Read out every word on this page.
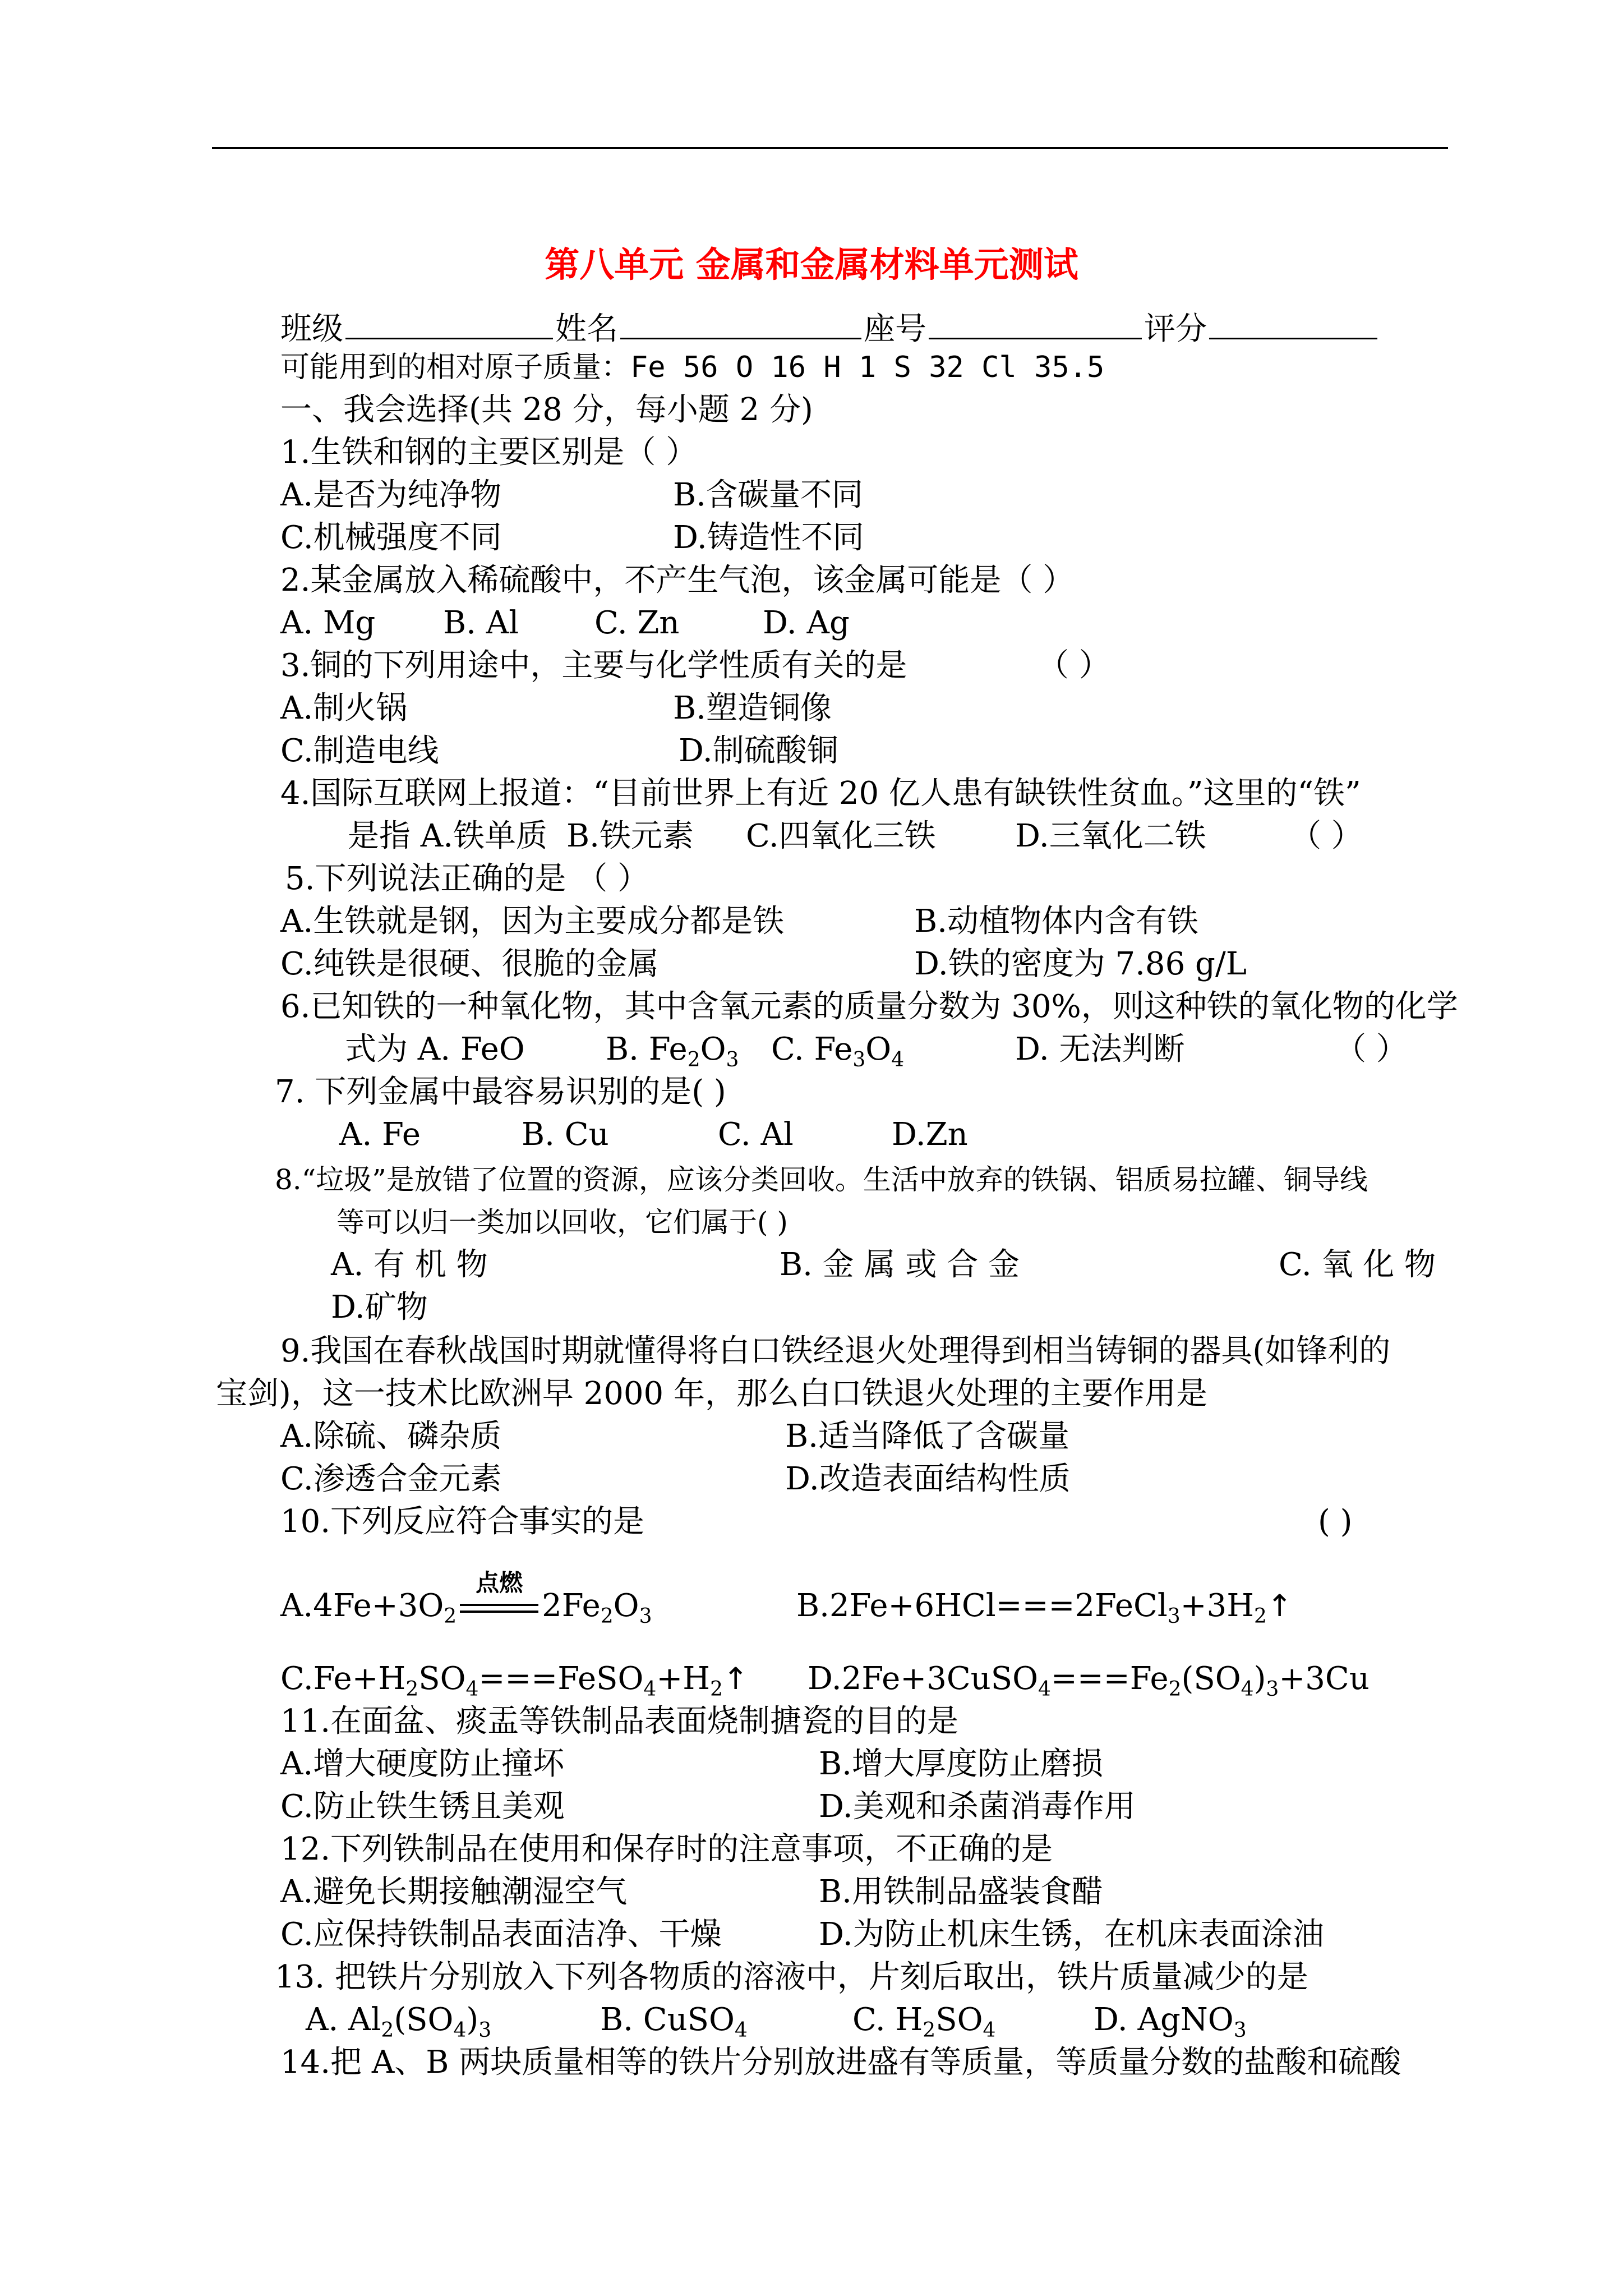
第八单元 金属和金属材料单元测试
班级	姓名	座号	评分
可能用到的相对原子质量：Fe 56 O 16 H 1 S 32 Cl 35.5
一、我会选择(共 28 分，每小题 2 分)
1.生铁和钢的主要区别是（ ）
A.是否为纯净物	B.含碳量不同
C.机械强度不同	D.铸造性不同
2.某金属放入稀硫酸中，不产生气泡，该金属可能是（ ）
A. Mg B. Al C. Zn	D. Ag
3.铜的下列用途中，主要与化学性质有关的是	（ ）
A.制火锅	B.塑造铜像
C.制造电线	D.制硫酸铜
4.国际互联网上报道：“目前世界上有近 20 亿人患有缺铁性贫血。”这里的“铁”
是指 A.铁单质 B.铁元素 C.四氧化三铁	D.三氧化二铁	（ ）
5.下列说法正确的是 （ ）
A.生铁就是钢，因为主要成分都是铁	B.动植物体内含有铁
C.纯铁是很硬、很脆的金属	D.铁的密度为 7.86 g/L
6.已知铁的一种氧化物，其中含氧元素的质量分数为 30%，则这种铁的氧化物的化学
式为 A. FeO	B. $Fe_2O_3$ C. $Fe_3O_4$	D. 无法判断	（ ）
7. 下列金属中最容易识别的是( )
A. Fe	B. Cu	C. Al	D.Zn
8.“垃圾”是放错了位置的资源，应该分类回收。生活中放弃的铁锅、铝质易拉罐、铜导线
等可以归一类加以回收，它们属于( )
A. 有 机 物	B. 金 属 或 合 金	C. 氧 化 物
D.矿物
9.我国在春秋战国时期就懂得将白口铁经退火处理得到相当铸铜的器具(如锋利的
宝剑)，这一技术比欧洲早 2000 年，那么白口铁退火处理的主要作用是
A.除硫、磷杂质	B.适当降低了含碳量
C.渗透合金元素	D.改造表面结构性质
10.下列反应符合事实的是	( )
$A.4Fe+3O_2$
点燃
$2Fe_2O_3$	$B.2Fe+6HCl===2FeCl_3+3H_2↑$
$C.Fe+H_2SO_4===FeSO_4+H_2↑$ $D.2Fe+3CuSO_4===Fe_2(SO_4)_3+3Cu$
11.在面盆、痰盂等铁制品表面烧制搪瓷的目的是
A.增大硬度防止撞坏	B.增大厚度防止磨损
C.防止铁生锈且美观	D.美观和杀菌消毒作用
12.下列铁制品在使用和保存时的注意事项，不正确的是
A.避免长期接触潮湿空气	B.用铁制品盛装食醋
C.应保持铁制品表面洁净、干燥	D.为防止机床生锈，在机床表面涂油
13. 把铁片分别放入下列各物质的溶液中，片刻后取出，铁片质量减少的是
A. $Al_2(SO_4)_3$	B. CuSO$_4$	C. $H_2SO_4$	D. AgNO$_3$
14.把 A、B 两块质量相等的铁片分别放进盛有等质量，等质量分数的盐酸和硫酸
